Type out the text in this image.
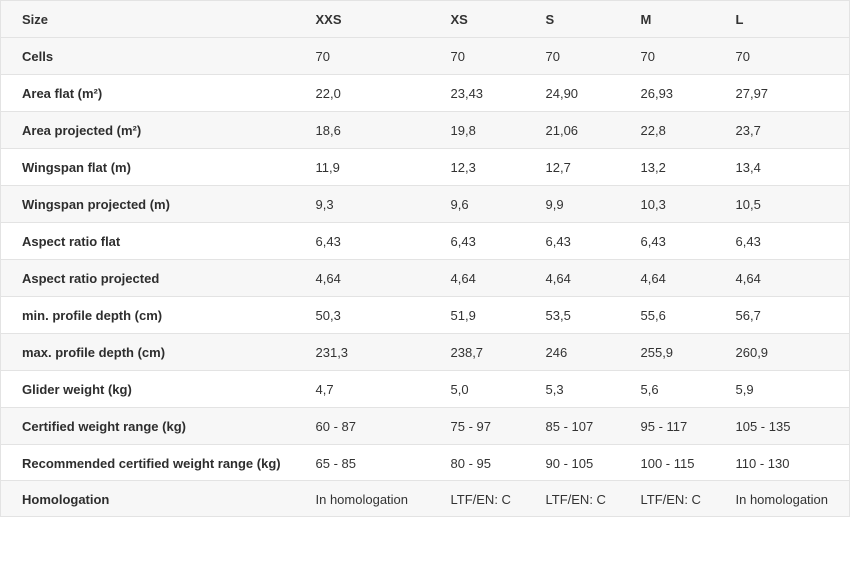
Size	XXS	XS	S	M	L
Cells	70	70	70	70	70
Area flat (m²)	22,0	23,43	24,90	26,93	27,97
Area projected (m²)	18,6	19,8	21,06	22,8	23,7
Wingspan flat (m)	11,9	12,3	12,7	13,2	13,4
Wingspan projected (m)	9,3	9,6	9,9	10,3	10,5
Aspect ratio flat	6,43	6,43	6,43	6,43	6,43
Aspect ratio projected	4,64	4,64	4,64	4,64	4,64
min. profile depth (cm)	50,3	51,9	53,5	55,6	56,7
max. profile depth (cm)	231,3	238,7	246	255,9	260,9
Glider weight (kg)	4,7	5,0	5,3	5,6	5,9
Certified weight range (kg)	60 - 87	75 - 97	85 - 107	95 - 117	105 - 135
Recommended certified weight range (kg)	65 - 85	80 - 95	90 - 105	100 - 115	110 - 130
Homologation	In homologation	LTF/EN: C	LTF/EN: C	LTF/EN: C	In homologation
